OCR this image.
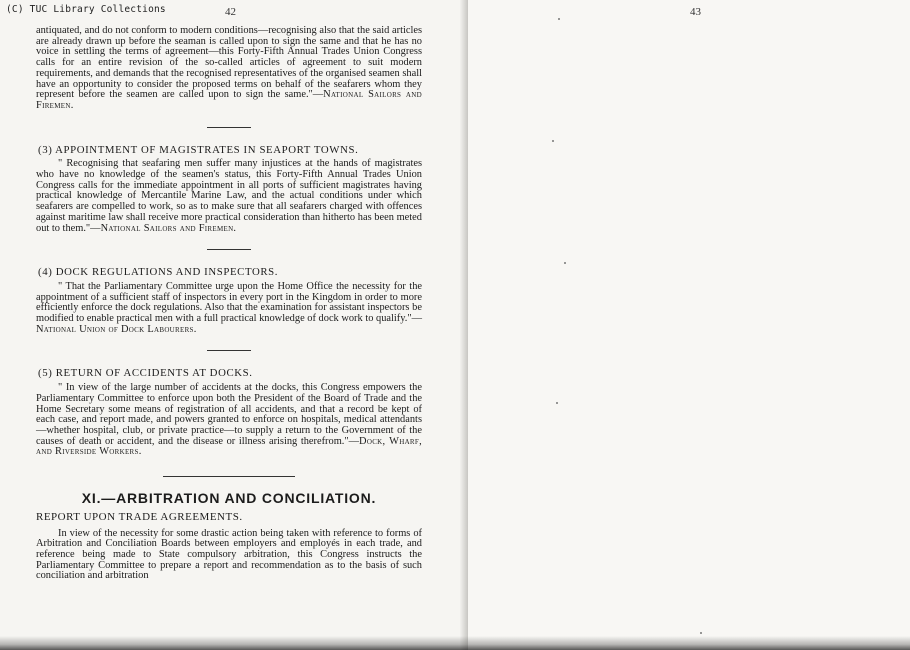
(C) TUC Library Collections	42

antiquated, and do not conform to modern conditions—recognising also that the said articles are already drawn up before the seaman is called upon to sign the same and that he has no voice in settling the terms of agreement—this Forty-Fifth Annual Trades Union Congress calls for an entire revision of the so-called articles of agreement to suit modern requirements, and demands that the recognised representatives of the organised seamen shall have an opportunity to consider the proposed terms on behalf of the seafarers whom they represent before the seamen are called upon to sign the same."—National Sailors and Firemen.

(3) APPOINTMENT OF MAGISTRATES IN SEAPORT TOWNS.

" Recognising that seafaring men suffer many injustices at the hands of magistrates who have no knowledge of the seamen's status, this Forty-Fifth Annual Trades Union Congress calls for the immediate appointment in all ports of sufficient magistrates having practical knowledge of Mercantile Marine Law, and the actual conditions under which seafarers are compelled to work, so as to make sure that all seafarers charged with offences against maritime law shall receive more practical consideration than hitherto has been meted out to them."—National Sailors and Firemen.

(4) DOCK REGULATIONS AND INSPECTORS.

" That the Parliamentary Committee urge upon the Home Office the necessity for the appointment of a sufficient staff of inspectors in every port in the Kingdom in order to more efficiently enforce the dock regulations. Also that the examination for assistant inspectors be modified to enable practical men with a full practical knowledge of dock work to qualify."—National Union of Dock Labourers.

(5) RETURN OF ACCIDENTS AT DOCKS.

" In view of the large number of accidents at the docks, this Congress empowers the Parliamentary Committee to enforce upon both the President of the Board of Trade and the Home Secretary some means of registration of all accidents, and that a record be kept of each case, and report made, and powers granted to enforce on hospitals, medical attendants—whether hospital, club, or private practice—to supply a return to the Government of the causes of death or accident, and the disease or illness arising therefrom."—Dock, Wharf, and Riverside Workers.

XI.—ARBITRATION AND CONCILIATION.

REPORT UPON TRADE AGREEMENTS.

In view of the necessity for some drastic action being taken with reference to forms of Arbitration and Conciliation Boards between employers and employés in each trade, and reference being made to State compulsory arbitration, this Congress instructs the Parliamentary Committee to prepare a report and recommendation as to the basis of such conciliation and arbitration

43
